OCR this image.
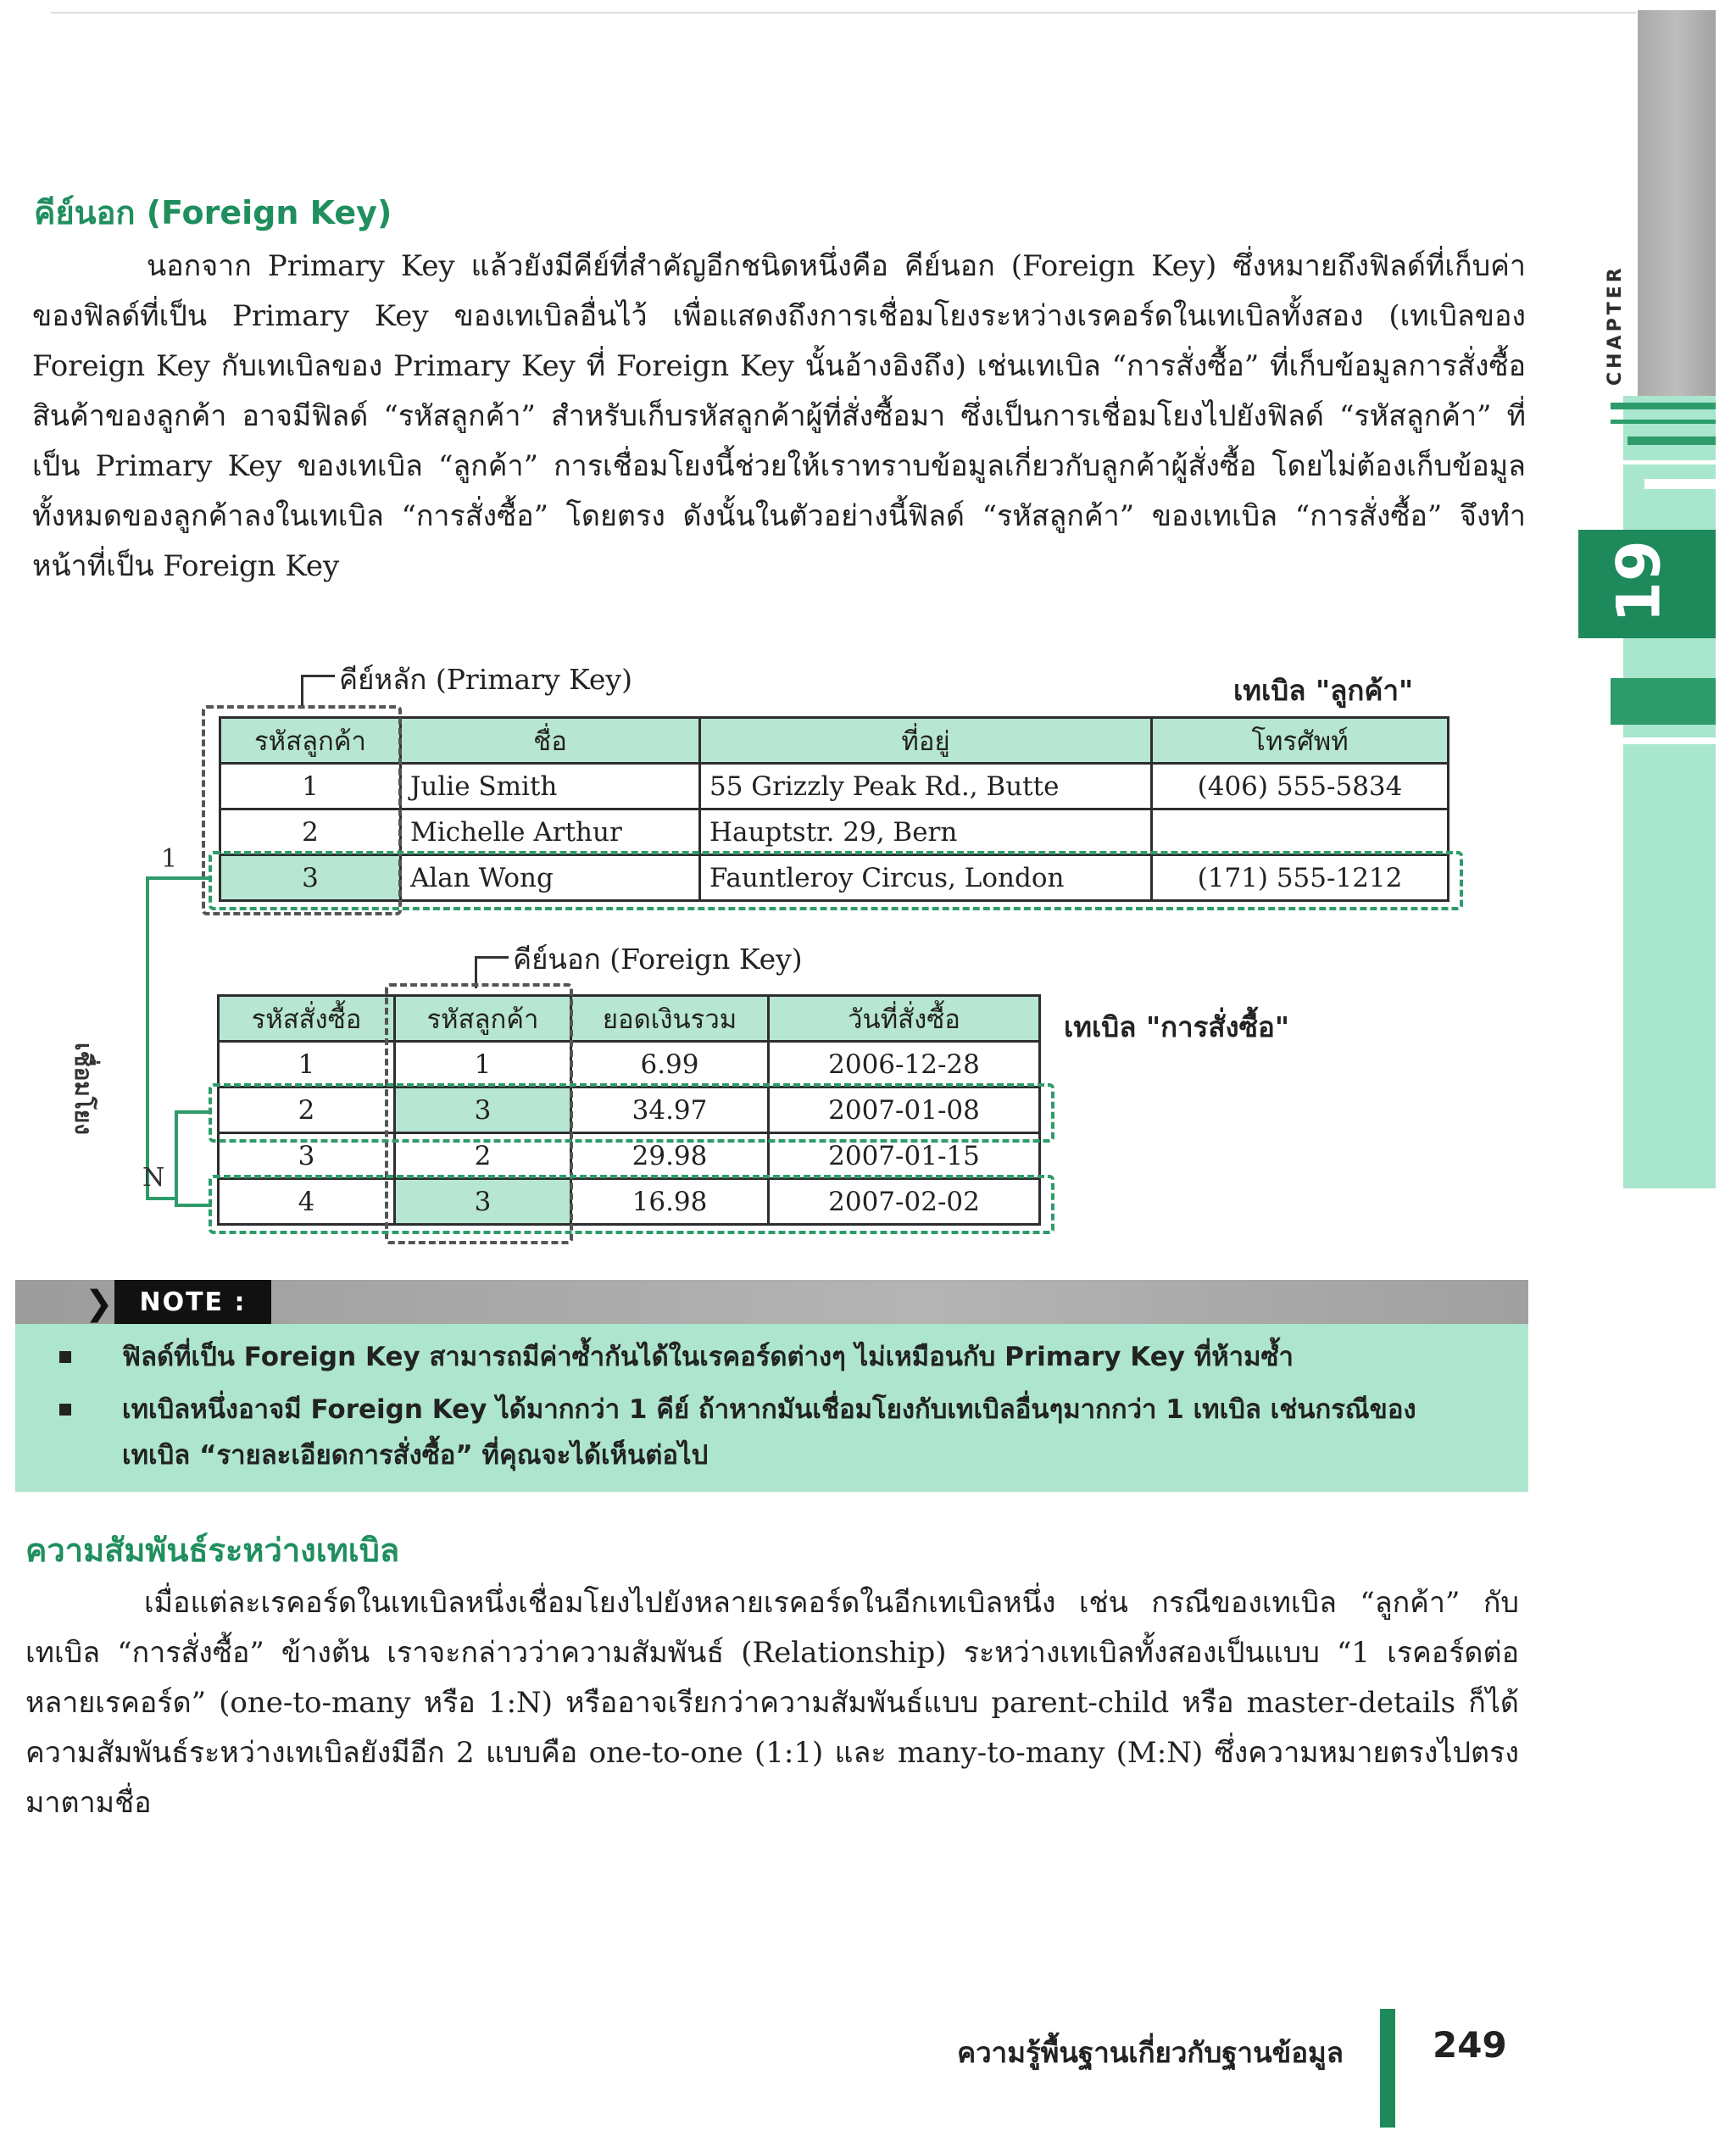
CHAPTER
19
คีย์นอก (Foreign Key)
นอกจาก Primary Key แล้วยังมีคีย์ที่สำคัญอีกชนิดหนึ่งคือ คีย์นอก (Foreign Key) ซึ่งหมายถึงฟิลด์ที่เก็บค่าของฟิลด์ที่เป็น Primary Key ของเทเบิลอื่นไว้ เพื่อแสดงถึงการเชื่อมโยงระหว่างเรคอร์ดในเทเบิลทั้งสอง (เทเบิลของ Foreign Key กับเทเบิลของ Primary Key ที่ Foreign Key นั้นอ้างอิงถึง) เช่นเทเบิล “การสั่งซื้อ” ที่เก็บข้อมูลการสั่งซื้อสินค้าของลูกค้า อาจมีฟิลด์ “รหัสลูกค้า” สำหรับเก็บรหัสลูกค้าผู้ที่สั่งซื้อมา ซึ่งเป็นการเชื่อมโยงไปยังฟิลด์ “รหัสลูกค้า” ที่เป็น Primary Key ของเทเบิล “ลูกค้า” การเชื่อมโยงนี้ช่วยให้เราทราบข้อมูลเกี่ยวกับลูกค้าผู้สั่งซื้อ โดยไม่ต้องเก็บข้อมูลทั้งหมดของลูกค้าลงในเทเบิล “การสั่งซื้อ” โดยตรง ดังนั้นในตัวอย่างนี้ฟิลด์ “รหัสลูกค้า” ของเทเบิล “การสั่งซื้อ” จึงทำหน้าที่เป็น Foreign Key
คีย์หลัก (Primary Key)	เทเบิล "ลูกค้า"
รหัสลูกค้า	ชื่อ	ที่อยู่	โทรศัพท์
1	Julie Smith	55 Grizzly Peak Rd., Butte	(406) 555-5834
2	Michelle Arthur	Hauptstr. 29, Bern	
3	Alan Wong	Fauntleroy Circus, London	(171) 555-1212
1
N
เชื่อมโยง
คีย์นอก (Foreign Key)
เทเบิล "การสั่งซื้อ"
รหัสสั่งซื้อ	รหัสลูกค้า	ยอดเงินรวม	วันที่สั่งซื้อ
1	1	6.99	2006-12-28
2	3	34.97	2007-01-08
3	2	29.98	2007-01-15
4	3	16.98	2007-02-02
❯ NOTE :
ฟิลด์ที่เป็น Foreign Key สามารถมีค่าซ้ำกันได้ในเรคอร์ดต่างๆ ไม่เหมือนกับ Primary Key ที่ห้ามซ้ำ
เทเบิลหนึ่งอาจมี Foreign Key ได้มากกว่า 1 คีย์ ถ้าหากมันเชื่อมโยงกับเทเบิลอื่นๆมากกว่า 1 เทเบิล เช่นกรณีของเทเบิล “รายละเอียดการสั่งซื้อ” ที่คุณจะได้เห็นต่อไป
ความสัมพันธ์ระหว่างเทเบิล
เมื่อแต่ละเรคอร์ดในเทเบิลหนึ่งเชื่อมโยงไปยังหลายเรคอร์ดในอีกเทเบิลหนึ่ง เช่น กรณีของเทเบิล “ลูกค้า” กับเทเบิล “การสั่งซื้อ” ข้างต้น เราจะกล่าวว่าความสัมพันธ์ (Relationship) ระหว่างเทเบิลทั้งสองเป็นแบบ “1 เรคอร์ดต่อหลายเรคอร์ด” (one-to-many หรือ 1:N) หรืออาจเรียกว่าความสัมพันธ์แบบ parent-child หรือ master-details ก็ได้ ความสัมพันธ์ระหว่างเทเบิลยังมีอีก 2 แบบคือ one-to-one (1:1) และ many-to-many (M:N) ซึ่งความหมายตรงไปตรงมาตามชื่อ
ความรู้พื้นฐานเกี่ยวกับฐานข้อมูล	249
